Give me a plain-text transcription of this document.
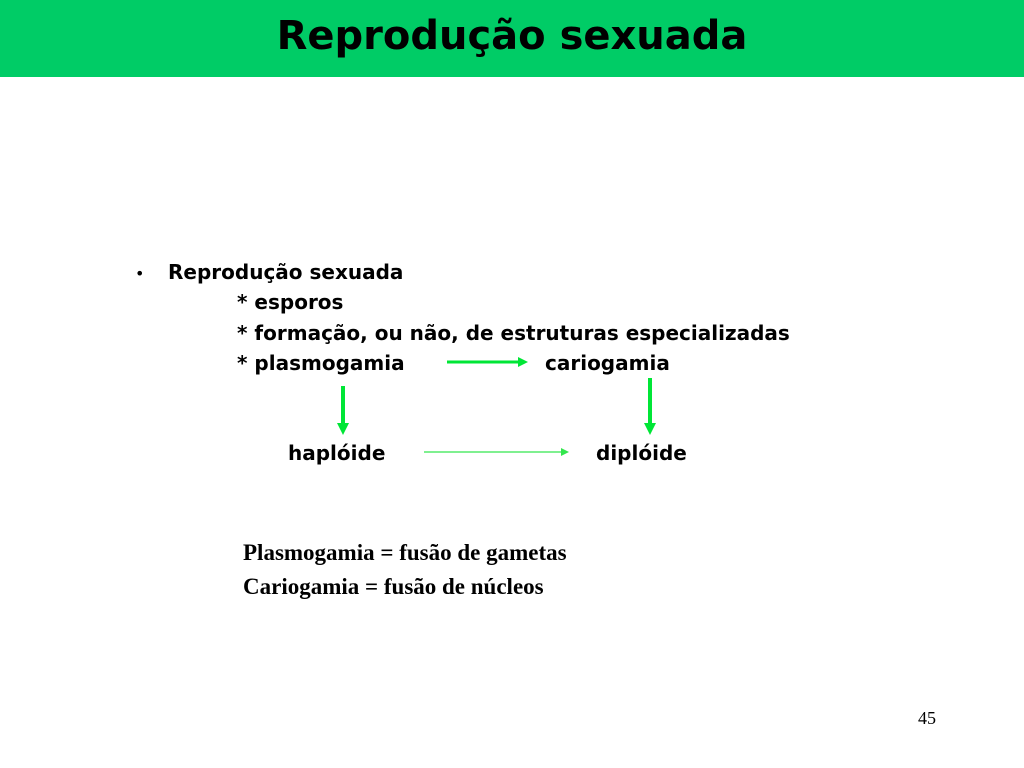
Reprodução sexuada
• Reprodução sexuada
* esporos
* formação, ou não, de estruturas especializadas
* plasmogamia	cariogamia
haplóide	diplóide
Plasmogamia = fusão de gametas
Cariogamia = fusão de núcleos
45
